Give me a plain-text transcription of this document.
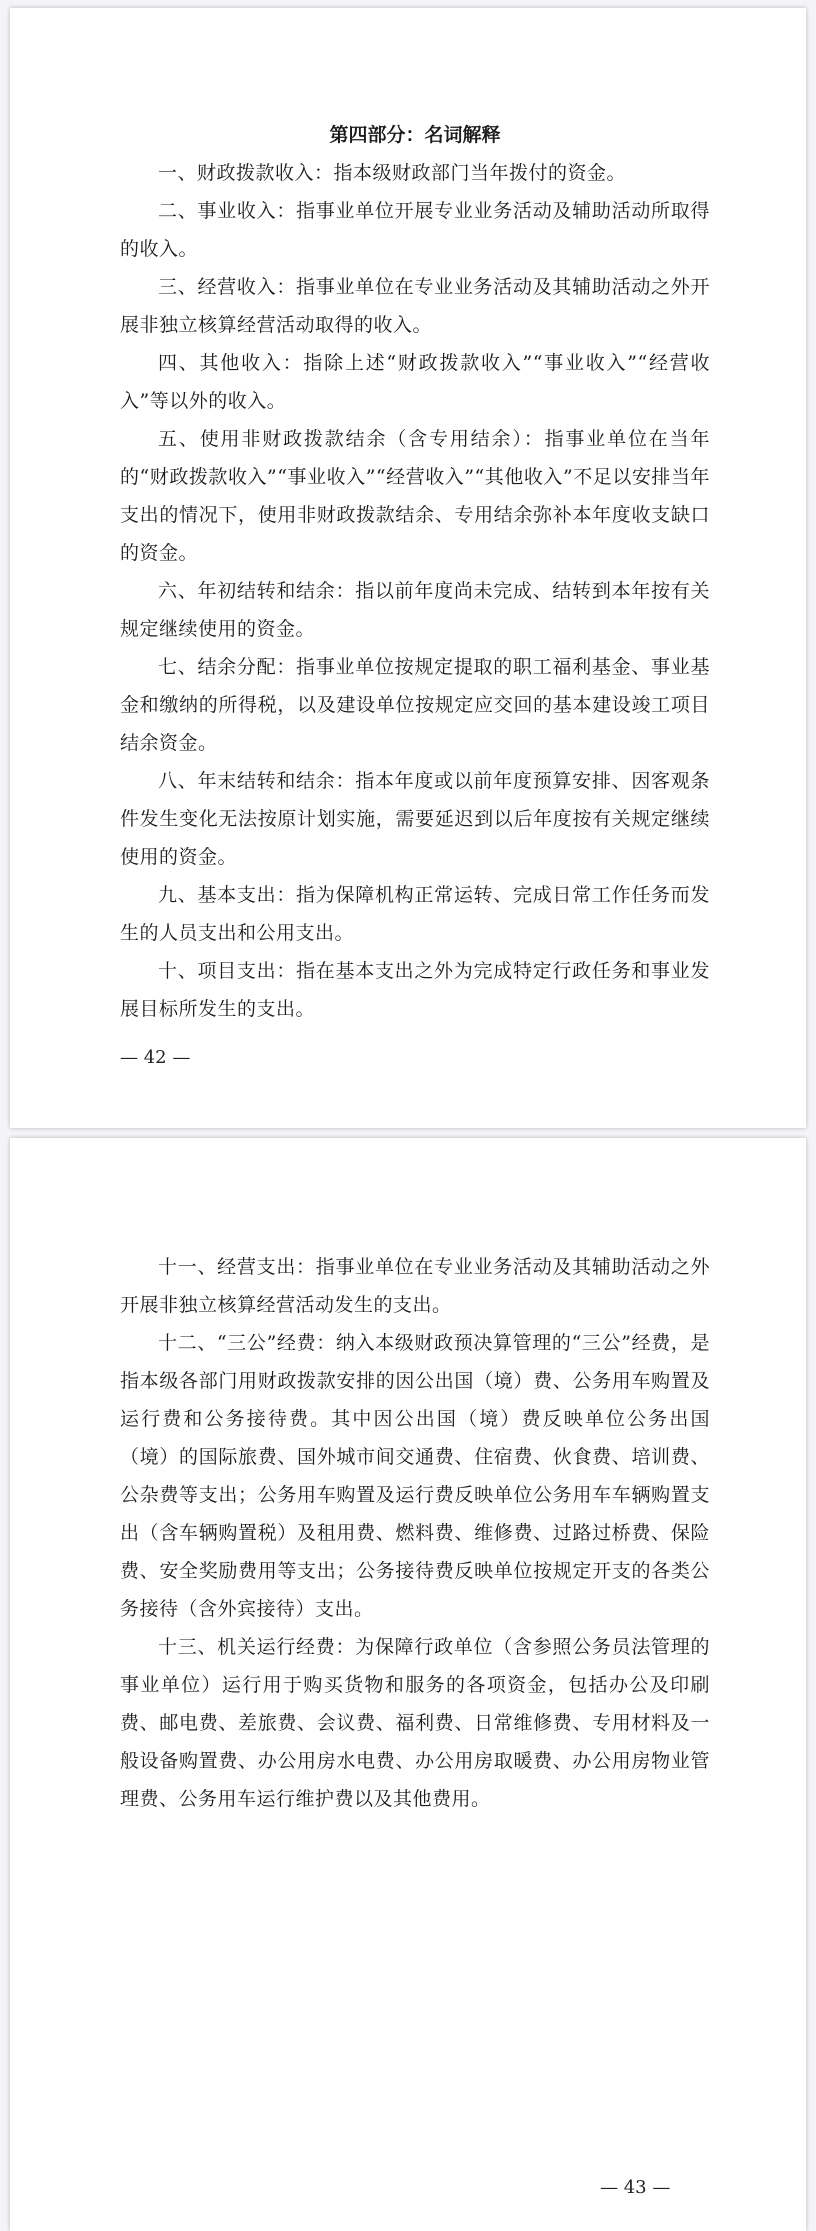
第四部分：名词解释

一、财政拨款收入：指本级财政部门当年拨付的资金。

二、事业收入：指事业单位开展专业业务活动及辅助活动所取得的收入。

三、经营收入：指事业单位在专业业务活动及其辅助活动之外开展非独立核算经营活动取得的收入。

四、其他收入：指除上述“财政拨款收入”“事业收入”“经营收入”等以外的收入。

五、使用非财政拨款结余（含专用结余）：指事业单位在当年的“财政拨款收入”“事业收入”“经营收入”“其他收入”不足以安排当年支出的情况下，使用非财政拨款结余、专用结余弥补本年度收支缺口的资金。

六、年初结转和结余：指以前年度尚未完成、结转到本年按有关规定继续使用的资金。

七、结余分配：指事业单位按规定提取的职工福利基金、事业基金和缴纳的所得税，以及建设单位按规定应交回的基本建设竣工项目结余资金。

八、年末结转和结余：指本年度或以前年度预算安排、因客观条件发生变化无法按原计划实施，需要延迟到以后年度按有关规定继续使用的资金。

九、基本支出：指为保障机构正常运转、完成日常工作任务而发生的人员支出和公用支出。

十、项目支出：指在基本支出之外为完成特定行政任务和事业发展目标所发生的支出。

— 42 —

十一、经营支出：指事业单位在专业业务活动及其辅助活动之外开展非独立核算经营活动发生的支出。

十二、“三公”经费：纳入本级财政预决算管理的“三公”经费，是指本级各部门用财政拨款安排的因公出国（境）费、公务用车购置及运行费和公务接待费。其中因公出国（境）费反映单位公务出国（境）的国际旅费、国外城市间交通费、住宿费、伙食费、培训费、公杂费等支出；公务用车购置及运行费反映单位公务用车车辆购置支出（含车辆购置税）及租用费、燃料费、维修费、过路过桥费、保险费、安全奖励费用等支出；公务接待费反映单位按规定开支的各类公务接待（含外宾接待）支出。

十三、机关运行经费：为保障行政单位（含参照公务员法管理的事业单位）运行用于购买货物和服务的各项资金，包括办公及印刷费、邮电费、差旅费、会议费、福利费、日常维修费、专用材料及一般设备购置费、办公用房水电费、办公用房取暖费、办公用房物业管理费、公务用车运行维护费以及其他费用。

— 43 —
